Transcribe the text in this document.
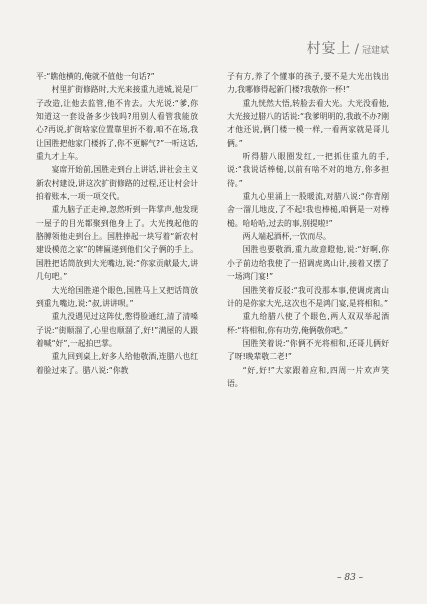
村宴上 / 冠建斌

平:“瞧他横的,俺就不值他一句话?”

村里扩街修路时,大光来接重九进城,说是厂子改造,让他去监管,他不肯去。大光说:“爹,你知道这一套设备多少钱吗?用别人看管我能放心?再说,扩街啥家位置靠里折不着,咱不在场,我让国胜把他家门楼拆了,你不更解气?”一听这话,重九才上车。

宴席开始前,国胜走到台上讲话,讲社会主义新农村建设,讲这次扩街修路的过程,还让村会计拍着账本,一项一项交代。

重九脑子正走神,忽然听到一阵掌声,他发现一屋子的目光都聚到他身上了。大光拽起他的胳膊领他走到台上。国胜捧起一块写着“新农村建设模范之家”的牌匾递到他们父子俩的手上。国胜把话筒放到大光嘴边,说:“你家贡献最大,讲几句吧。”

大光给国胜递个眼色,国胜马上又把话筒放到重九嘴边,说:“叔,讲讲呗。”

重九没遇见过这阵仗,憋得脸通红,清了清嗓子说:“街顺溜了,心里也顺溜了,好!”满屋的人跟着喊“好”,一起拍巴掌。

重九回到桌上,好多人给他敬酒,连腊八也红着脸过来了。腊八说:“你教

子有方,养了个懂事的孩子,要不是大光出钱出力,我哪修得起新门楼?我敬你一杯!”

重九恍然大悟,转脸去看大光。大光没看他,大光接过腊八的话说:“我爹明明的,我敢不办?刚才他还说,俩门楼一模一样,一看两家就是哥儿俩。”

听得腊八眼圈发红,一把抓住重九的手,说:“我说话棒槌,以前有啥不对的地方,你多担待。”

重九心里涌上一股暖流,对腊八说:“你背剐舍一溜儿地皮,了不起!我也棒槌,咱俩是一对棒槌。哈哈哈,过去的事,别提啦!”

两人端起酒杯,一饮而尽。

国胜也要敬酒,重九故意瞪他,说:“好啊,你小子前边给我使了一招调虎离山计,接着又摆了一场鸿门宴!”

国胜笑着反驳:“我可没那本事,使调虎离山计的是你家大光,这次也不是鸿门宴,是将相和。”

重九给腊八使了个眼色,两人双双举起酒杯:“将相和,你有功劳,俺俩敬你吧。”

国胜笑着说:“你俩不光将相和,还哥儿俩好了呀!晚辈敬二老!”

“好,好!”大家跟着应和,四周一片欢声笑语。

– 83 –
